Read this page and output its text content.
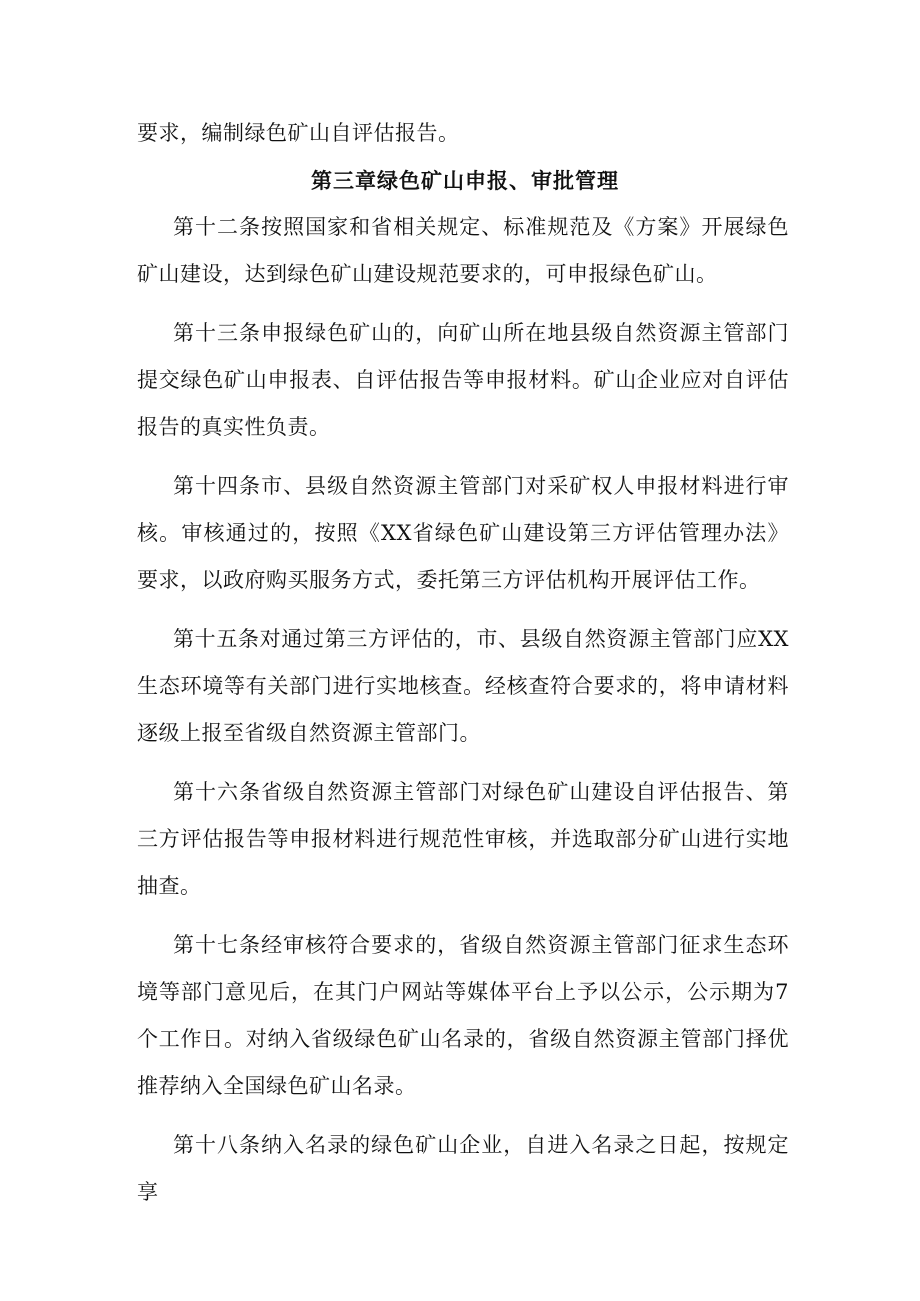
要求，编制绿色矿山自评估报告。

第三章绿色矿山申报、审批管理

第十二条按照国家和省相关规定、标准规范及《方案》开展绿色矿山建设，达到绿色矿山建设规范要求的，可申报绿色矿山。

第十三条申报绿色矿山的，向矿山所在地县级自然资源主管部门提交绿色矿山申报表、自评估报告等申报材料。矿山企业应对自评估报告的真实性负责。

第十四条市、县级自然资源主管部门对采矿权人申报材料进行审核。审核通过的，按照《XX省绿色矿山建设第三方评估管理办法》要求，以政府购买服务方式，委托第三方评估机构开展评估工作。

第十五条对通过第三方评估的，市、县级自然资源主管部门应XX生态环境等有关部门进行实地核查。经核查符合要求的，将申请材料逐级上报至省级自然资源主管部门。

第十六条省级自然资源主管部门对绿色矿山建设自评估报告、第三方评估报告等申报材料进行规范性审核，并选取部分矿山进行实地抽查。

第十七条经审核符合要求的，省级自然资源主管部门征求生态环境等部门意见后，在其门户网站等媒体平台上予以公示，公示期为7个工作日。对纳入省级绿色矿山名录的，省级自然资源主管部门择优推荐纳入全国绿色矿山名录。

第十八条纳入名录的绿色矿山企业，自进入名录之日起，按规定享
